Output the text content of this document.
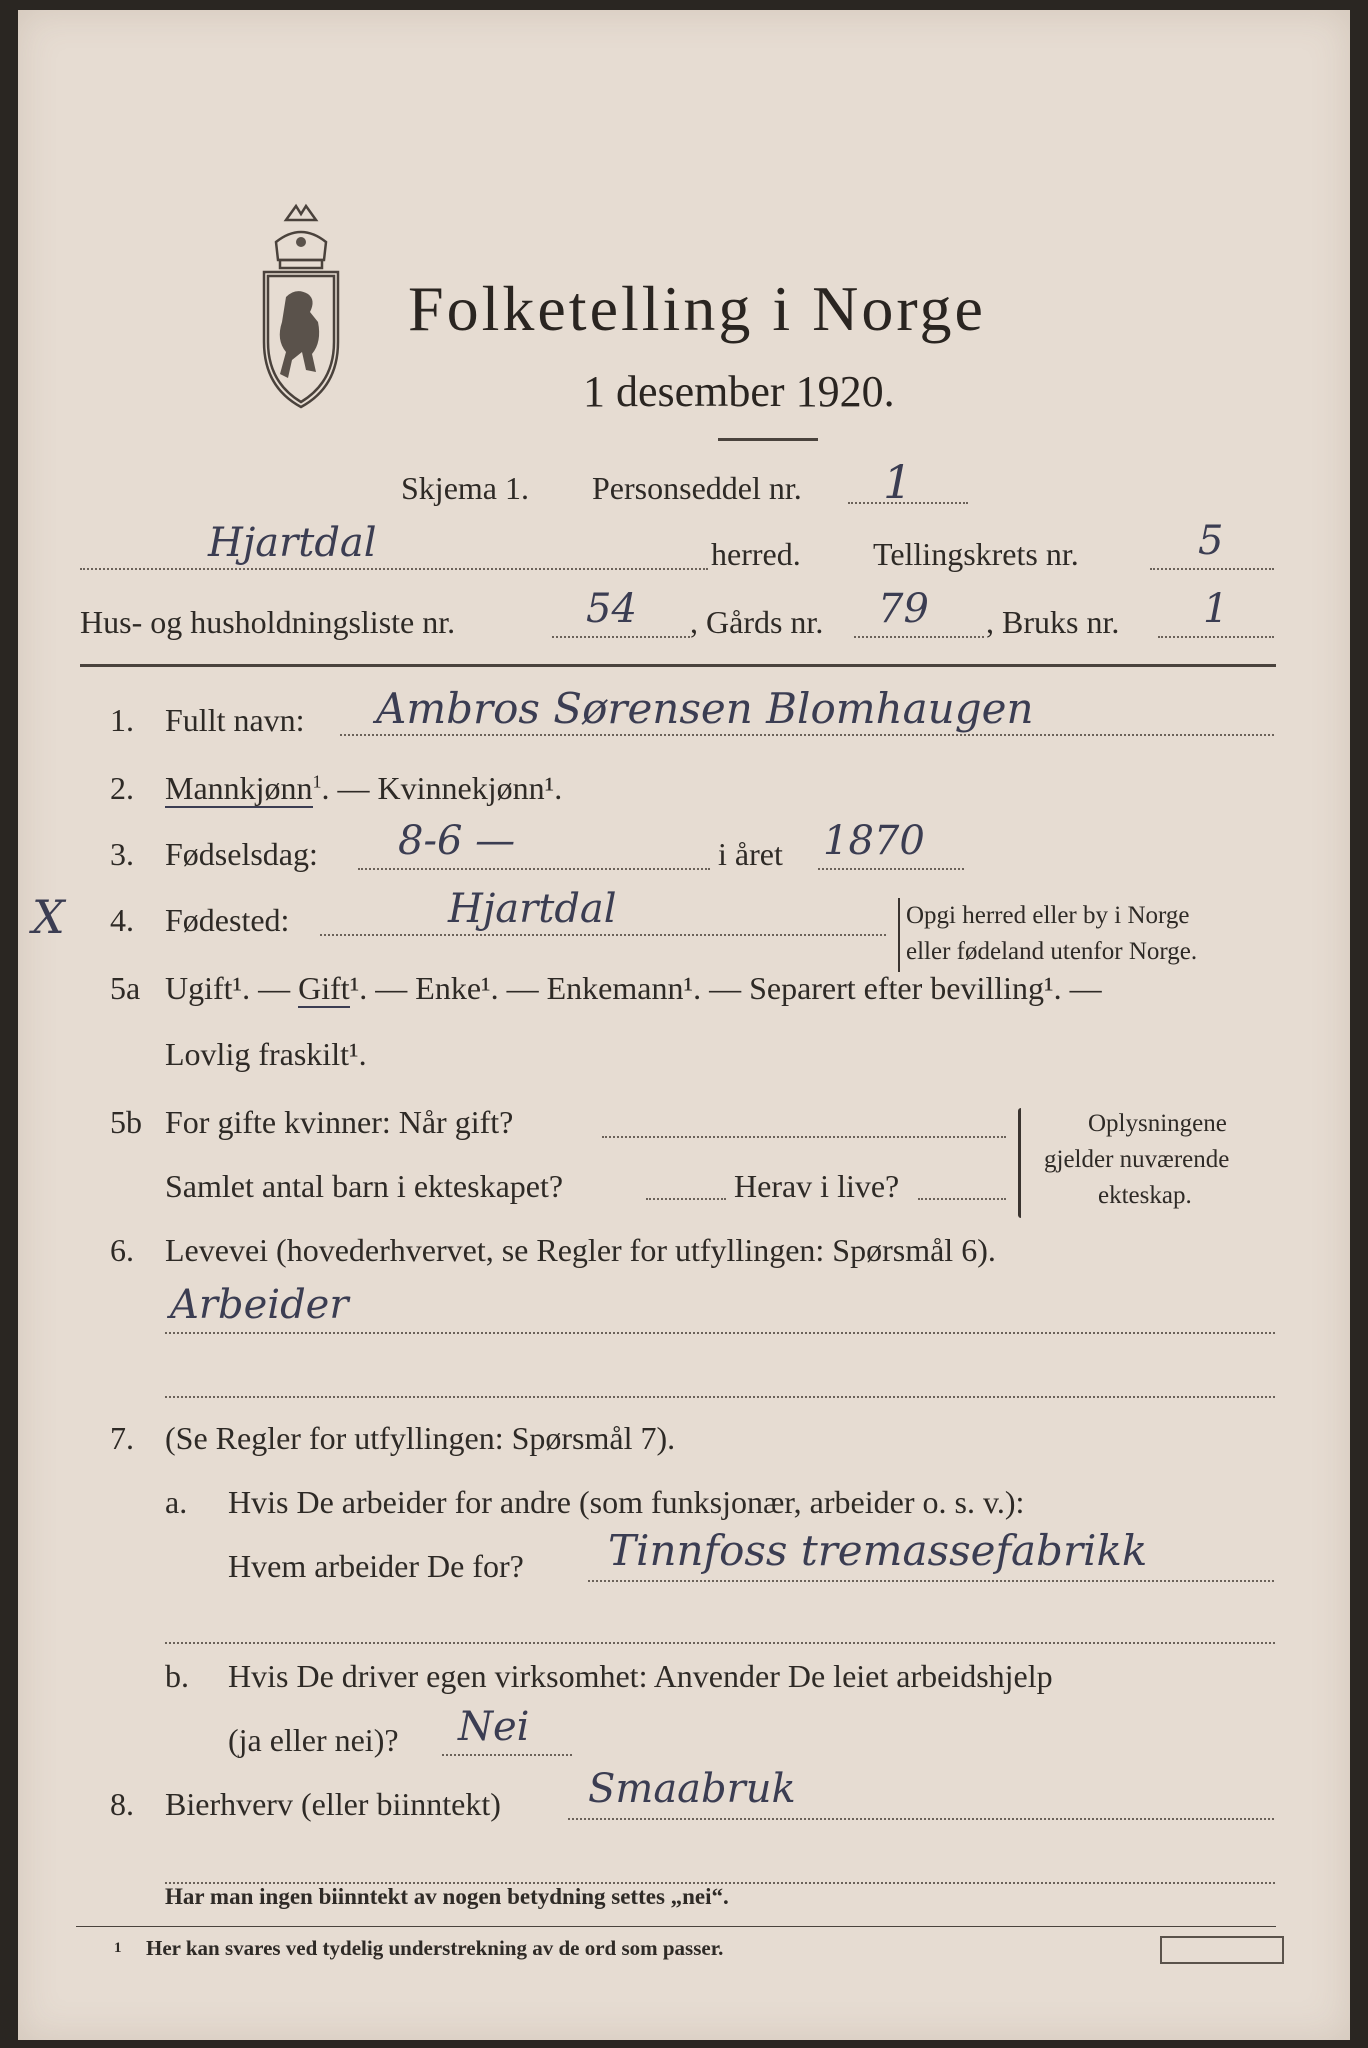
Folketelling i Norge
1 desember 1920.
Skjema 1. Personseddel nr. 1
Hjartdal	herred. Tellingskrets nr.	5
Hus- og husholdningsliste nr.	54 , Gårds nr. 79 , Bruks nr. 1
1. Fullt navn: Ambros Sørensen Blomhaugen
2. Mannkjønn$^1$. — Kvinnekjønn¹.
3. Fødselsdag: 8-6 —	i året 1870
X 4. Fødested:	Hjartdal	Opgi herred eller by i Norge
eller fødeland utenfor Norge.
5a Ugift¹. — Gift¹. — Enke¹. — Enkemann¹. — Separert efter bevilling¹. —
Lovlig fraskilt¹.
5b For gifte kvinner: Når gift?
Samlet antal barn i ekteskapet?	Herav i live?
Oplysningene
gjelder nuværende
ekteskap.
6. Levevei (hovederhvervet, se Regler for utfyllingen: Spørsmål 6).
Arbeider
7. (Se Regler for utfyllingen: Spørsmål 7).
a. Hvis De arbeider for andre (som funksjonær, arbeider o. s. v.):
Hvem arbeider De for? Tinnfoss tremassefabrikk
b. Hvis De driver egen virksomhet: Anvender De leiet arbeidshjelp
(ja eller nei)? Nei
8. Bierhverv (eller biinntekt) Smaabruk
Har man ingen biinntekt av nogen betydning settes „nei“.
1 Her kan svares ved tydelig understrekning av de ord som passer.
